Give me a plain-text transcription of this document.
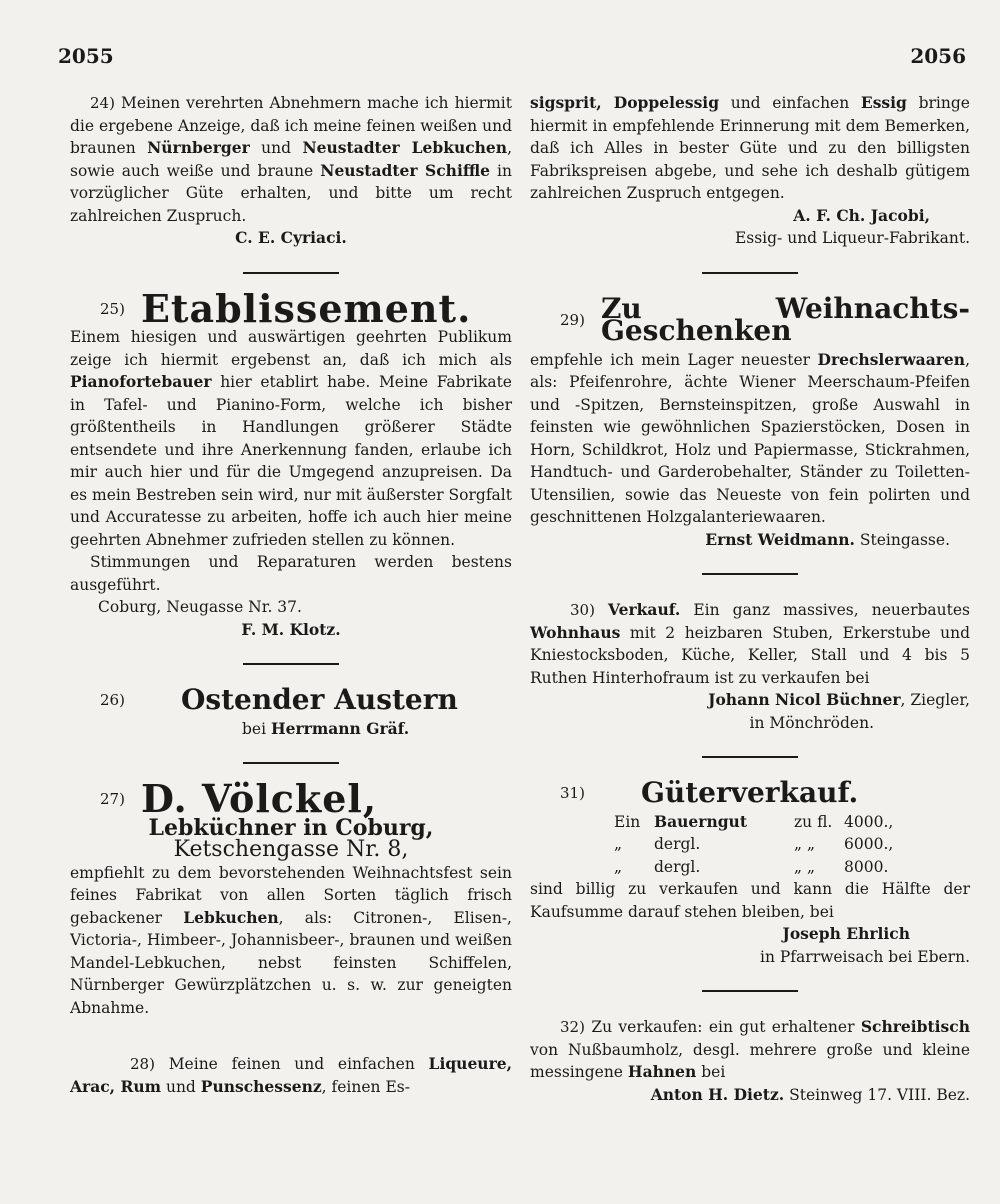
2055	2056

24) Meinen verehrten Abnehmern mache ich hiermit die ergebene Anzeige, daß ich meine feinen weißen und braunen Nürnberger und Neustadter Lebkuchen, sowie auch weiße und braune Neustadter Schiffle in vorzüglicher Güte erhalten, und bitte um recht zahlreichen Zuspruch.

C. E. Cyriaci.

25) Etablissement.

Einem hiesigen und auswärtigen geehrten Publikum zeige ich hiermit ergebenst an, daß ich mich als Pianofortebauer hier etablirt habe. Meine Fabrikate in Tafel- und Pianino-Form, welche ich bisher größtentheils in Handlungen größerer Städte entsendete und ihre Anerkennung fanden, erlaube ich mir auch hier und für die Umgegend anzupreisen. Da es mein Bestreben sein wird, nur mit äußerster Sorgfalt und Accuratesse zu arbeiten, hoffe ich auch hier meine geehrten Abnehmer zufrieden stellen zu können.

Stimmungen und Reparaturen werden bestens ausgeführt.

Coburg, Neugasse Nr. 37.

F. M. Klotz.

26) Ostender Austern

bei Herrmann Gräf.

27) D. Völckel,
Lebküchner in Coburg,
Ketschengasse Nr. 8,

empfiehlt zu dem bevorstehenden Weihnachtsfest sein feines Fabrikat von allen Sorten täglich frisch gebackener Lebkuchen, als: Citronen-, Elisen-, Victoria-, Himbeer-, Johannisbeer-, braunen und weißen Mandel-Lebkuchen, nebst feinsten Schiffelen, Nürnberger Gewürzplätzchen u. s. w. zur geneigten Abnahme.

28) Meine feinen und einfachen Liqueure, Arac, Rum und Punschessenz, feinen Es-

sigsprit, Doppelessig und einfachen Essig bringe hiermit in empfehlende Erinnerung mit dem Bemerken, daß ich Alles in bester Güte und zu den billigsten Fabrikspreisen abgebe, und sehe ich deshalb gütigem zahlreichen Zuspruch entgegen.

A. F. Ch. Jacobi,

Essig- und Liqueur-Fabrikant.

29) Zu Weihnachts-Geschenken

empfehle ich mein Lager neuester Drechslerwaaren, als: Pfeifenrohre, ächte Wiener Meerschaum-Pfeifen und -Spitzen, Bernsteinspitzen, große Auswahl in feinsten wie gewöhnlichen Spazierstöcken, Dosen in Horn, Schildkrot, Holz und Papiermasse, Stickrahmen, Handtuch- und Garderobehalter, Ständer zu Toiletten-Utensilien, sowie das Neueste von fein polirten und geschnittenen Holzgalanteriewaaren.

Ernst Weidmann. Steingasse.

30) Verkauf. Ein ganz massives, neuerbautes Wohnhaus mit 2 heizbaren Stuben, Erkerstube und Kniestocksboden, Küche, Keller, Stall und 4 bis 5 Ruthen Hinterhofraum ist zu verkaufen bei

Johann Nicol Büchner, Ziegler,

in Mönchröden.

31) Güterverkauf.
Ein Bauerngut	zu fl. 4000.,
„	dergl.	„ „	6000.,
„	dergl.	„ „	8000.

sind billig zu verkaufen und kann die Hälfte der Kaufsumme darauf stehen bleiben, bei

Joseph Ehrlich

in Pfarrweisach bei Ebern.

32) Zu verkaufen: ein gut erhaltener Schreibtisch von Nußbaumholz, desgl. mehrere große und kleine messingene Hahnen bei

Anton H. Dietz. Steinweg 17. VIII. Bez.
